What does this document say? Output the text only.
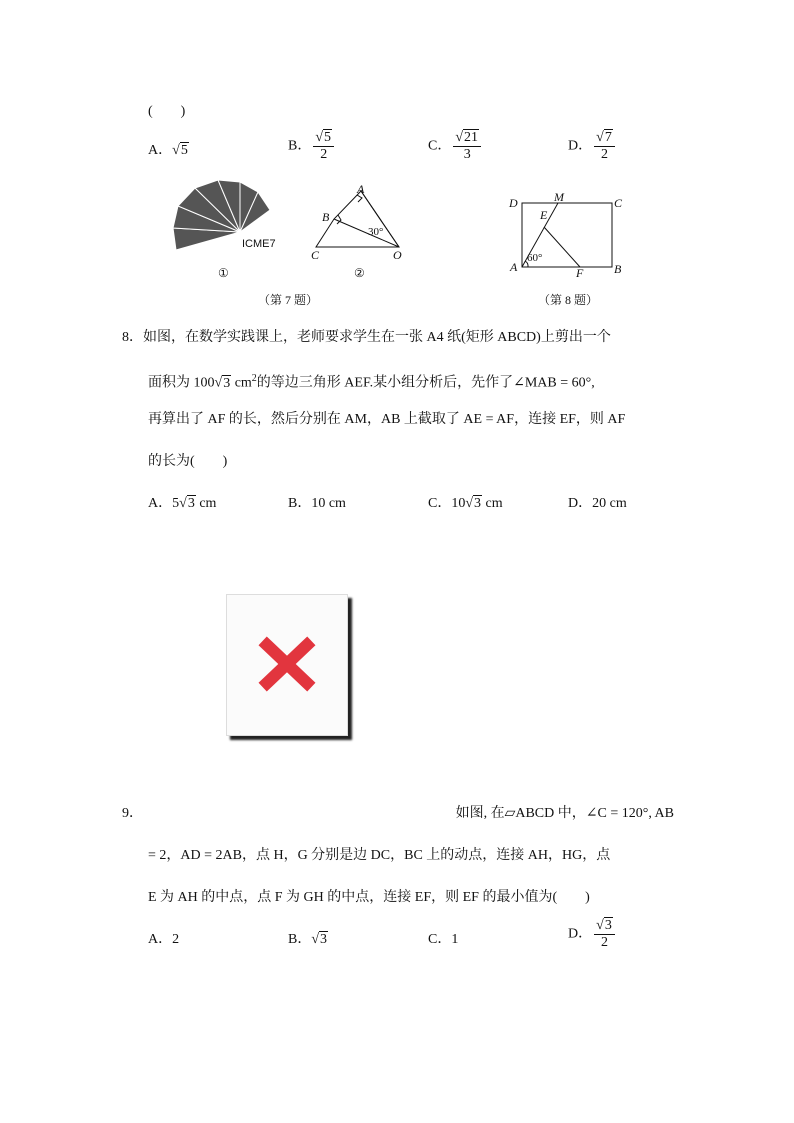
(　　)
A．√5	B． $\frac{√5}{2}$	C． $\frac{√21}{3}$	D． $\frac{√7}{2}$
ICME7
①
A
B
C	O
30°
②
（第 7 题）
D	M	C
E
A	F	B
60°
（第 8 题）
8．如图，在数学实践课上，老师要求学生在一张 A4 纸(矩形 ABCD)上剪出一个
面积为 100√3 $cm^2$的等边三角形 AEF.某小组分析后，先作了∠MAB = 60°,
再算出了 AF 的长，然后分别在 AM，AB 上截取了 AE = AF，连接 EF，则 AF
的长为(　　)
A．5√3 cm	B．10 cm	C．10√3 cm	D．20 cm
9．	如图, 在▱ABCD 中，∠C = 120°, AB
= 2，AD = 2AB，点 H，G 分别是边 DC，BC 上的动点，连接 AH，HG，点
E 为 AH 的中点，点 F 为 GH 的中点，连接 EF，则 EF 的最小值为(　　)
A．2	B．√3	C．1	D． $\frac{√3}{2}$
